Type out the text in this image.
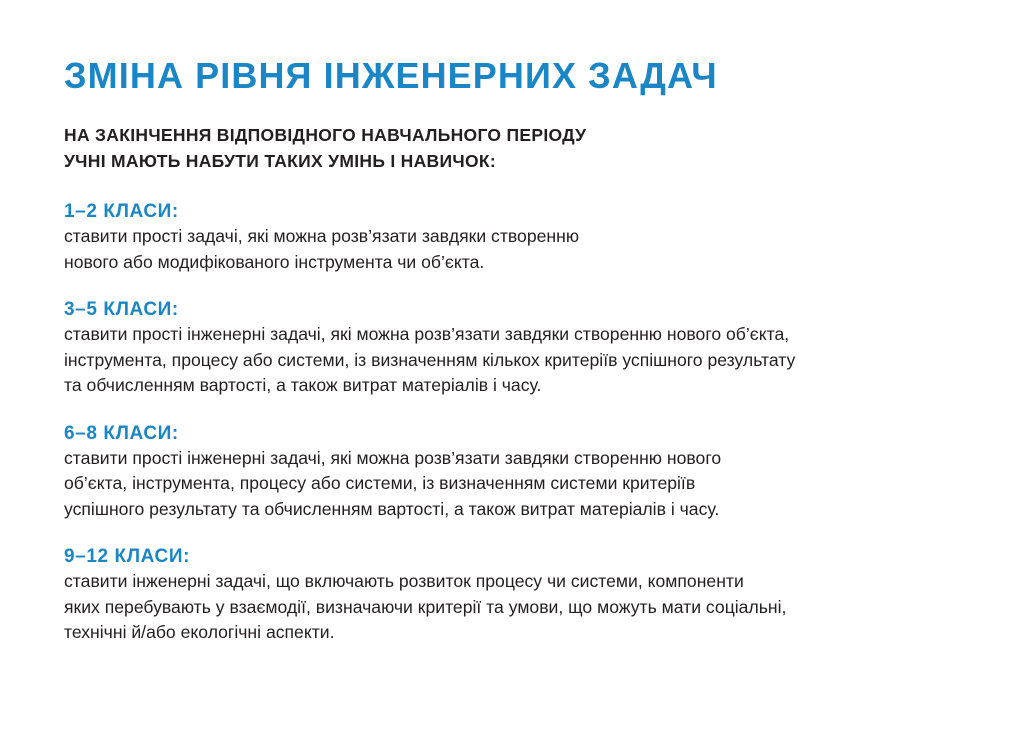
ЗМІНА РІВНЯ ІНЖЕНЕРНИХ ЗАДАЧ
НА ЗАКІНЧЕННЯ ВІДПОВІДНОГО НАВЧАЛЬНОГО ПЕРІОДУ
УЧНІ МАЮТЬ НАБУТИ ТАКИХ УМІНЬ І НАВИЧОК:
1–2 КЛАСИ:
ставити прості задачі, які можна розв’язати завдяки створенню
нового або модифікованого інструмента чи об’єкта.
3–5 КЛАСИ:
ставити прості інженерні задачі, які можна розв’язати завдяки створенню нового об’єкта,
інструмента, процесу або системи, із визначенням кількох критеріїв успішного результату
та обчисленням вартості, а також витрат матеріалів і часу.
6–8 КЛАСИ:
ставити прості інженерні задачі, які можна розв’язати завдяки створенню нового
об’єкта, інструмента, процесу або системи, із визначенням системи критеріїв
успішного результату та обчисленням вартості, а також витрат матеріалів і часу.
9–12 КЛАСИ:
ставити інженерні задачі, що включають розвиток процесу чи системи, компоненти
яких перебувають у взаємодії, визначаючи критерії та умови, що можуть мати соціальні,
технічні й/або екологічні аспекти.
